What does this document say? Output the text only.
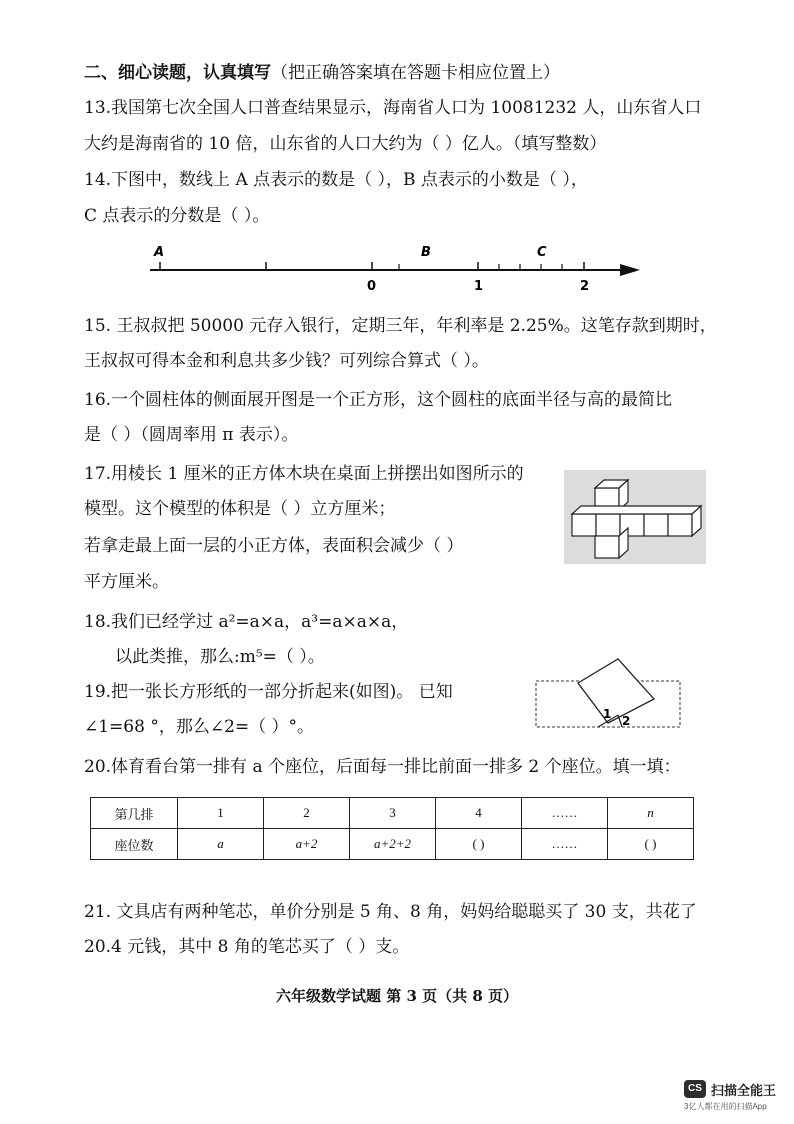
二、细心读题，认真填写（把正确答案填在答题卡相应位置上）
13.我国第七次全国人口普查结果显示，海南省人口为 10081232 人，山东省人口
大约是海南省的 10 倍，山东省的人口大约为（ ）亿人。（填写整数）
14.下图中，数线上 A 点表示的数是（ ），B 点表示的小数是（ ），
C 点表示的分数是（ ）。
A	B	C
0	1	2
15. 王叔叔把 50000 元存入银行，定期三年，年利率是 2.25%。这笔存款到期时，
王叔叔可得本金和利息共多少钱？可列综合算式（ ）。
16.一个圆柱体的侧面展开图是一个正方形，这个圆柱的底面半径与高的最简比
是（ ）（圆周率用 π 表示）。
17.用棱长 1 厘米的正方体木块在桌面上拼摆出如图所示的
模型。这个模型的体积是（ ）立方厘米；
若拿走最上面一层的小正方体，表面积会减少（ ）
平方厘米。
18.我们已经学过 a²=a×a，a³=a×a×a，
以此类推，那么:m⁵=（ ）。
19.把一张长方形纸的一部分折起来(如图)。 已知
∠1=68 °，那么∠2=（ ）°。
1 2
20.体育看台第一排有 a 个座位，后面每一排比前面一排多 2 个座位。填一填：
第几排	1	2	3	4	……	n
座位数	a	a+2	a+2+2	( )	……	( )
21. 文具店有两种笔芯，单价分别是 5 角、8 角，妈妈给聪聪买了 30 支，共花了
20.4 元钱，其中 8 角的笔芯买了（ ）支。
六年级数学试题 第 3 页（共 8 页）
CS 扫描全能王
3亿人都在用的扫描App
